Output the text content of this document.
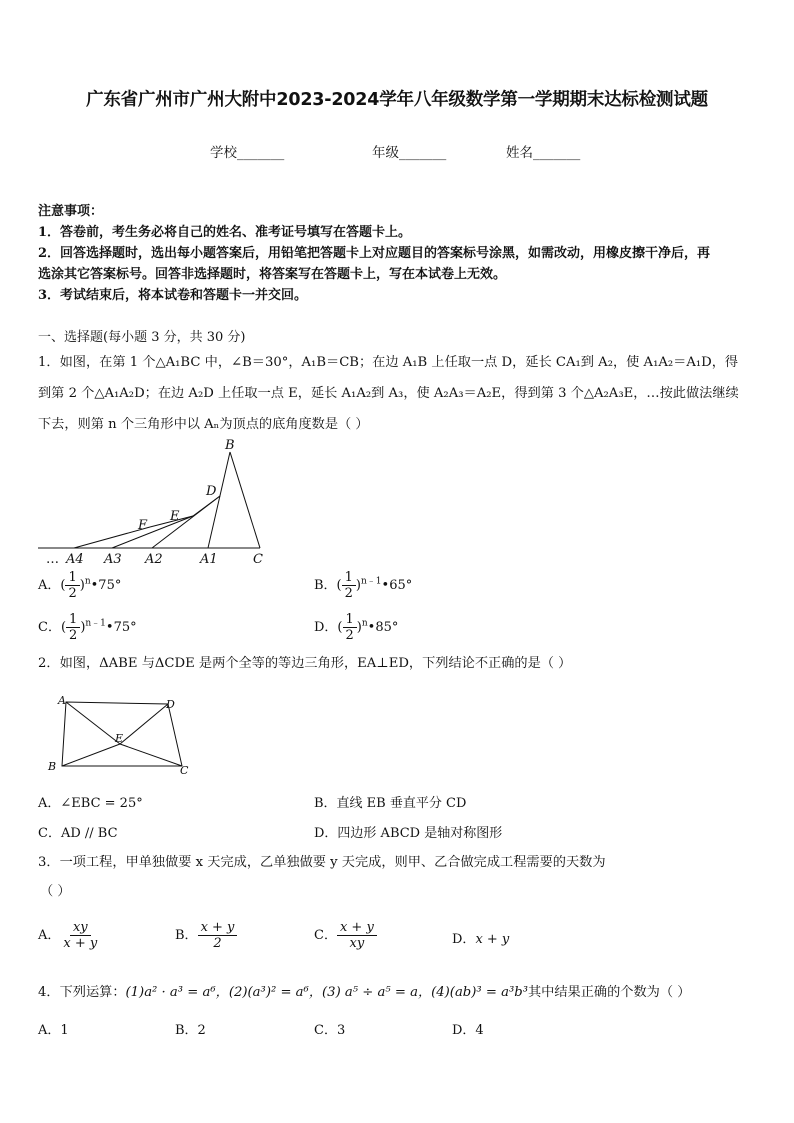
广东省广州市广州大附中2023-2024学年八年级数学第一学期期末达标检测试题
学校_______	年级_______	姓名_______
注意事项：
1．答卷前，考生务必将自己的姓名、准考证号填写在答题卡上。
2．回答选择题时，选出每小题答案后，用铅笔把答题卡上对应题目的答案标号涂黑，如需改动，用橡皮擦干净后，再
选涂其它答案标号。回答非选择题时，将答案写在答题卡上，写在本试卷上无效。
3．考试结束后，将本试卷和答题卡一并交回。
一、选择题(每小题 3 分，共 30 分)
1．如图，在第 1 个△A₁BC 中，∠B＝30°，A₁B＝CB；在边 A₁B 上任取一点 D，延长 CA₁到 A₂，使 A₁A₂＝A₁D，得
到第 2 个△A₁A₂D；在边 A₂D 上任取一点 E，延长 A₁A₂到 A₃，使 A₂A₃＝A₂E，得到第 3 个△A₂A₃E，…按此做法继续
下去，则第 n 个三角形中以 Aₙ为顶点的底角度数是（ ）
B
D
E
F
… A4 A3 A2	A1	C
A．( $\frac{1}{2}$ )$^n$•75°	B．( $\frac{1}{2}$ )$^{n﹣1}$•65°
C．( $\frac{1}{2}$ )$^{n﹣1}$•75°	D．( $\frac{1}{2}$ )$^n$•85°
2．如图，ΔABE 与ΔCDE 是两个全等的等边三角形，EA⊥ED，下列结论不正确的是（ ）
A	D
E
B	C
A．∠EBC = 25°	B．直线 EB 垂直平分 CD
C．AD // BC	D．四边形 ABCD 是轴对称图形
3．一项工程，甲单独做要 x 天完成，乙单独做要 y 天完成，则甲、乙合做完成工程需要的天数为
（ ）
A． $\frac{xy}{x + y}$	B． $\frac{x + y}{2}$	C． $\frac{x + y}{xy}$	D．x + y
4．下列运算：(1)a² · a³ = a⁶，(2)(a³)² = a⁶，(3) a⁵ ÷ a⁵ = a，(4)(ab)³ = a³b³其中结果正确的个数为（ ）
A．1	B．2	C．3	D．4
